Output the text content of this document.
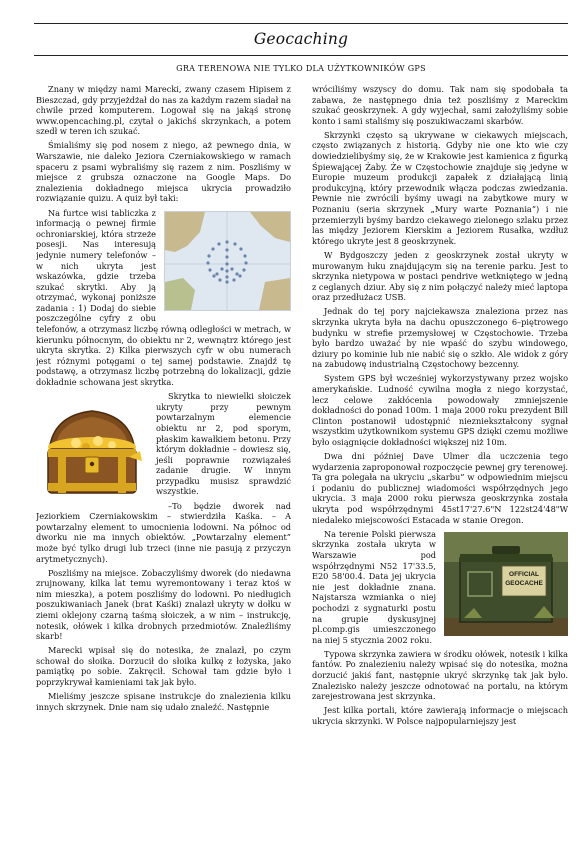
Geocaching
GRA TERENOWA NIE TYLKO DLA UŻYTKOWNIKÓW GPS

Znany w między nami Marecki, zwany czasem Hipisem z Bieszczad, gdy przyjeżdżał do nas za każdym razem siadał na chwile przed komputerem. Logował się na jakąś stronę www.opencaching.pl, czytał o jakichś skrzynkach, a potem szedł w teren ich szukać.

Śmialiśmy się pod nosem z niego, aż pewnego dnia, w Warszawie, nie daleko Jeziora Czerniakowskiego w ramach spaceru z psami wybraliśmy się razem z nim. Poszliśmy w miejsce z grubsza oznaczone na Google Maps. Do znalezienia dokładnego miejsca ukrycia prowadziło rozwiązanie quizu. A quiz był taki:

Na furtce wisi tabliczka z informacją o pewnej firmie ochroniarskiej, która strzeże posesji. Nas interesują jedynie numery telefonów – w nich ukryta jest wskazówka, gdzie trzeba szukać skrytki. Aby ją otrzymać, wykonaj poniższe zadania : 1) Dodaj do siebie poszczególne cyfry z obu telefonów, a otrzymasz liczbę równą odległości w metrach, w kierunku północnym, do obiektu nr 2, wewnątrz którego jest ukryta skrytka. 2) Kilka pierwszych cyfr w obu numerach jest różnymi potęgami o tej samej podstawie. Znajdź tę podstawę, a otrzymasz liczbę potrzebną do lokalizacji, gdzie dokładnie schowana jest skrytka.

Skrytka to niewielki słoiczek ukryty przy pewnym powtarzalnym elemencie obiektu nr 2, pod sporym, płaskim kawałkiem betonu. Przy którym dokładnie – dowiesz się, jeśli poprawnie rozwiązałeś zadanie drugie. W innym przypadku musisz sprawdzić wszystkie.

–To będzie dworek nad Jeziorkiem Czerniakowskim – stwierdziła Kaśka. – A powtarzalny element to umocnienia lodowni. Na północ od dworku nie ma innych obiektów. „Powtarzalny element” może być tylko drugi lub trzeci (inne nie pasują z przyczyn arytmetycznych).

Poszliśmy na miejsce. Zobaczyliśmy dworek (do niedawna zrujnowany, kilka lat temu wyremontowany i teraz ktoś w nim mieszka), a potem poszliśmy do lodowni. Po niedługich poszukiwaniach Janek (brat Kaśki) znalazł ukryty w dołku w ziemi oklejony czarną taśmą słoiczek, a w nim – instrukcję, notesik, ołówek i kilka drobnych przedmiotów. Znaleźliśmy skarb!

Marecki wpisał się do notesika, że znalazł, po czym schował do słoika. Dorzucił do słoika kulkę z łożyska, jako pamiątkę po sobie. Zakręcił. Schował tam gdzie było i poprzykrywał kamieniami tak jak było.

Mieliśmy jeszcze spisane instrukcje do znalezienia kilku innych skrzynek. Dnie nam się udało znaleźć. Następnie

wróciliśmy wszyscy do domu. Tak nam się spodobała ta zabawa, że następnego dnia też poszliśmy z Mareckim szukać geoskrzynek. A gdy wyjechał, sami założyliśmy sobie konto i sami staliśmy się poszukiwaczami skarbów.

Skrzynki często są ukrywane w ciekawych miejscach, często związanych z historią. Gdyby nie one kto wie czy dowiedzielibyśmy się, że w Krakowie jest kamienica z figurką Śpiewającej Żaby. Że w Częstochowie znajduje się jedyne w Europie muzeum produkcji zapałek z działającą linią produkcyjną, który przewodnik włącza podczas zwiedzania. Pewnie nie zwrócili byśmy uwagi na zabytkowe mury w Poznaniu (seria skrzynek „Mury warte Poznania”) i nie przemierzyli byśmy bardzo ciekawego zielonego szlaku przez las między Jeziorem Kierskim a Jeziorem Rusałka, wzdłuż którego ukryte jest 8 geoskrzynek.

W Bydgoszczy jeden z geoskrzynek został ukryty w murowanym łuku znajdującym się na terenie parku. Jest to skrzynka nietypowa w postaci pendrive wetkniętego w jedną z ceglanych dziur. Aby się z nim połączyć należy mieć laptopa oraz przedłużacz USB.

Jednak do tej pory najciekawsza znaleziona przez nas skrzynka ukryta była na dachu opuszczonego 6–piętrowego budynku w strefie przemysłowej w Częstochowie. Trzeba było bardzo uważać by nie wpaść do szybu windowego, dziury po kominie lub nie nabić się o szkło. Ale widok z góry na zabudowę industrialną Częstochowy bezcenny.

System GPS był wcześniej wykorzystywany przez wojsko amerykańskie. Ludność cywilna mogła z niego korzystać, lecz celowe zakłócenia powodowały zmniejszenie dokładności do ponad 100m. 1 maja 2000 roku prezydent Bill Clinton postanowił udostępnić niezniekształcony sygnał wszystkim użytkownikom systemu GPS dzięki czemu możliwe było osiągnięcie dokładności większej niż 10m.

Dwa dni później Dave Ulmer dla uczczenia tego wydarzenia zaproponował rozpoczęcie pewnej gry terenowej. Ta gra polegała na ukryciu „skarbu” w odpowiednim miejscu i podaniu do publicznej wiadomości współrzędnych jego ukrycia. 3 maja 2000 roku pierwsza geoskrzynka została ukryta pod współrzędnymi 45st17'27.6"N 122st24'48"W niedaleko miejscowości Estacada w stanie Oregon.

OFFICIAL
GEOCACHE

Na terenie Polski pierwsza skrzynka została ukryta w Warszawie pod współrzędnymi N52 17'33.5, E20 58'00.4. Data jej ukrycia nie jest dokładnie znana. Najstarsza wzmianka o niej pochodzi z sygnaturki postu na grupie dyskusyjnej pl.comp.gis umieszczonego na niej 5 stycznia 2002 roku.

Typowa skrzynka zawiera w środku ołówek, notesik i kilka fantów. Po znalezieniu należy wpisać się do notesika, można dorzucić jakiś fant, następnie ukryć skrzynkę tak jak było. Znalezisko należy jeszcze odnotować na portalu, na którym zarejestrowana jest skrzynka.

Jest kilka portali, które zawierają informacje o miejscach ukrycia skrzynki. W Polsce najpopularniejszy jest
